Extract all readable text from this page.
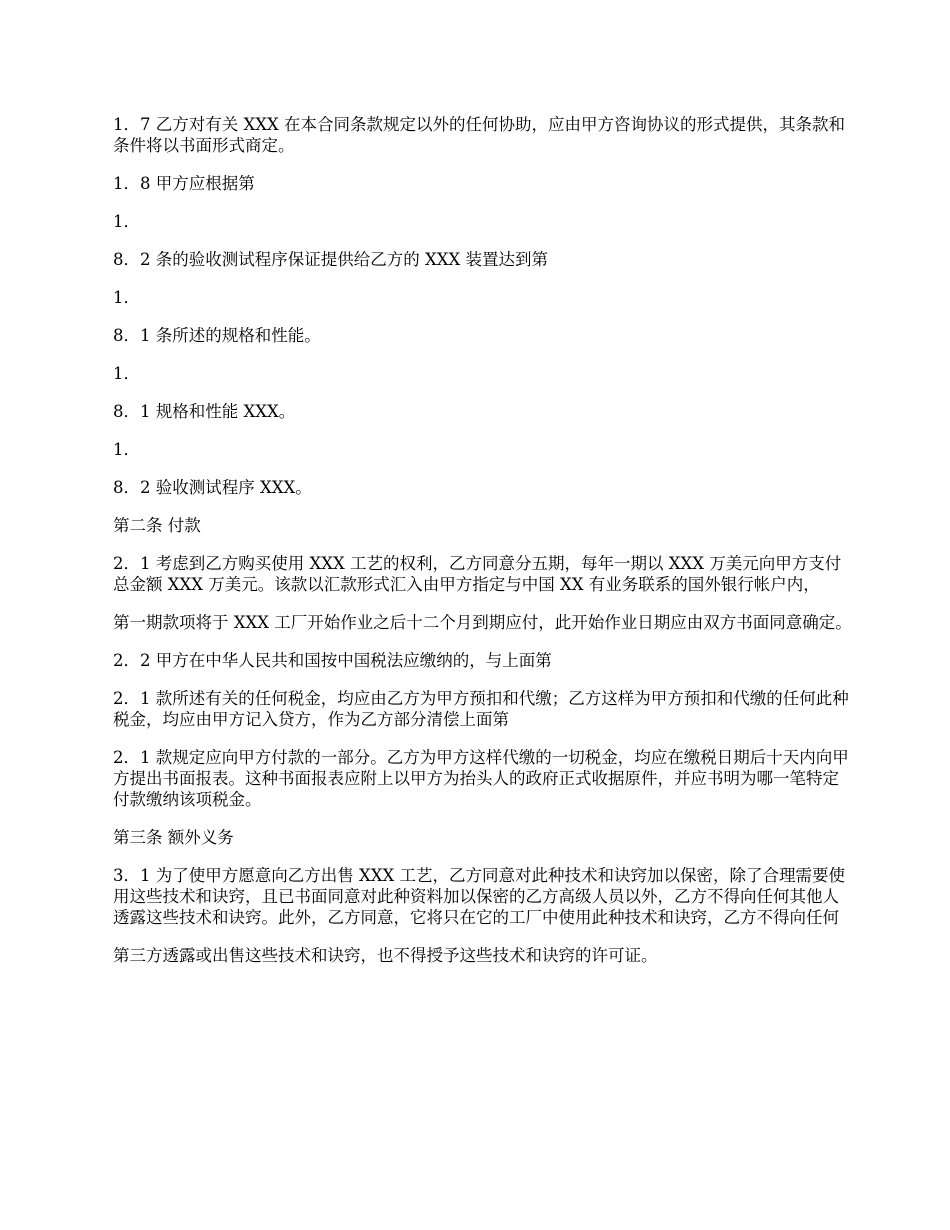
1．7 乙方对有关 XXX 在本合同条款规定以外的任何协助，应由甲方咨询协议的形式提供，其条款和条件将以书面形式商定。

1．8 甲方应根据第

1．

8．2 条的验收测试程序保证提供给乙方的 XXX 装置达到第

1．

8．1 条所述的规格和性能。

1．

8．1 规格和性能 XXX。

1．

8．2 验收测试程序 XXX。

第二条 付款

2．1 考虑到乙方购买使用 XXX 工艺的权利，乙方同意分五期，每年一期以 XXX 万美元向甲方支付总金额 XXX 万美元。该款以汇款形式汇入由甲方指定与中国 XX 有业务联系的国外银行帐户内，

第一期款项将于 XXX 工厂开始作业之后十二个月到期应付，此开始作业日期应由双方书面同意确定。

2．2 甲方在中华人民共和国按中国税法应缴纳的，与上面第

2．1 款所述有关的任何税金，均应由乙方为甲方预扣和代缴；乙方这样为甲方预扣和代缴的任何此种税金，均应由甲方记入贷方，作为乙方部分清偿上面第

2．1 款规定应向甲方付款的一部分。乙方为甲方这样代缴的一切税金，均应在缴税日期后十天内向甲方提出书面报表。这种书面报表应附上以甲方为抬头人的政府正式收据原件，并应书明为哪一笔特定付款缴纳该项税金。

第三条 额外义务

3．1 为了使甲方愿意向乙方出售 XXX 工艺，乙方同意对此种技术和诀窍加以保密，除了合理需要使用这些技术和诀窍，且已书面同意对此种资料加以保密的乙方高级人员以外，乙方不得向任何其他人透露这些技术和诀窍。此外，乙方同意，它将只在它的工厂中使用此种技术和诀窍，乙方不得向任何

第三方透露或出售这些技术和诀窍，也不得授予这些技术和诀窍的许可证。
